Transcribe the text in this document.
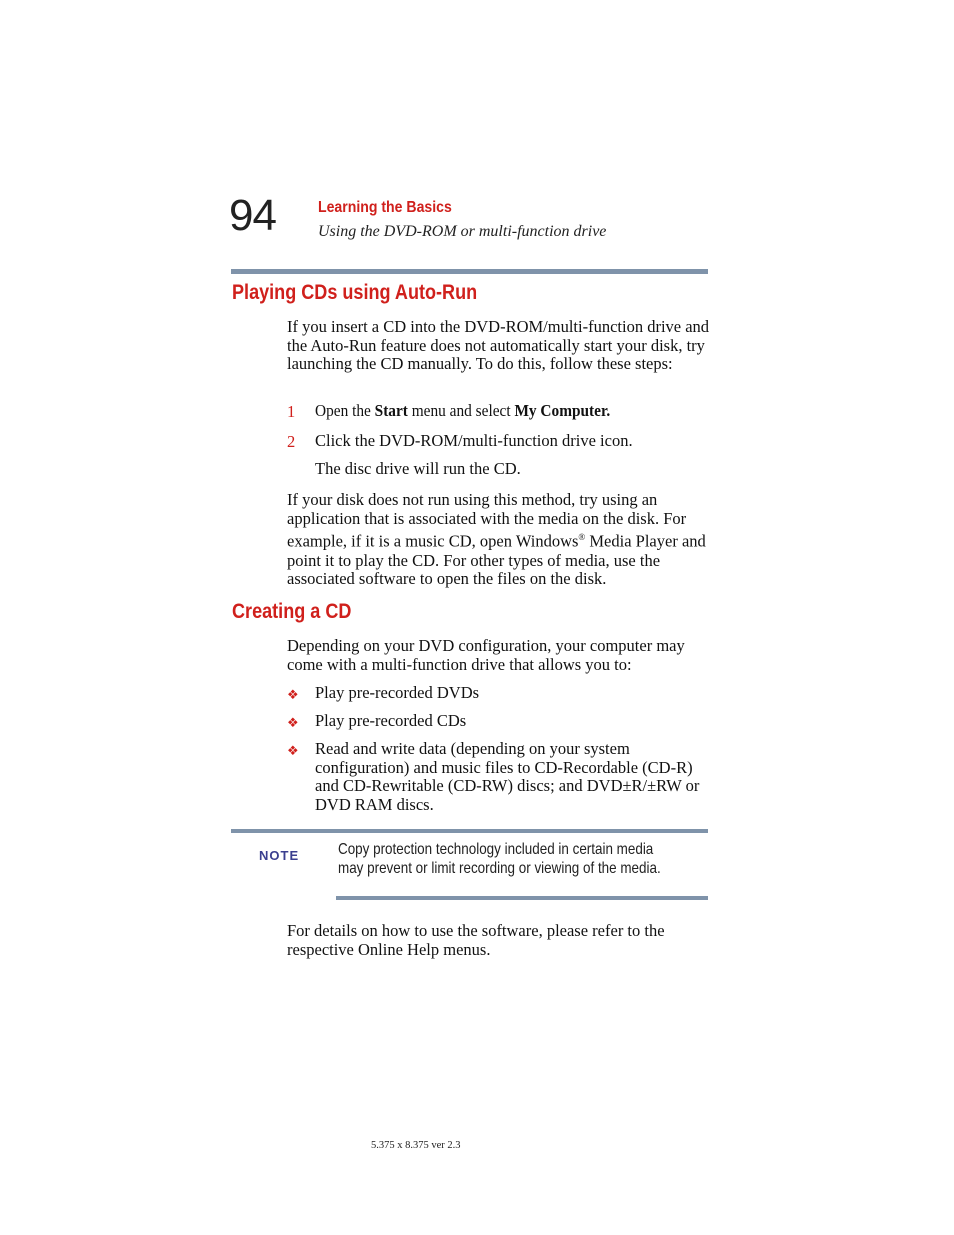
94	Learning the Basics
Using the DVD-ROM or multi-function drive
Playing CDs using Auto-Run
If you insert a CD into the DVD-ROM/multi-function drive and the Auto-Run feature does not automatically start your disk, try launching the CD manually. To do this, follow these steps:
1 Open the Start menu and select My Computer.
2 Click the DVD-ROM/multi-function drive icon.
The disc drive will run the CD.
If your disk does not run using this method, try using an application that is associated with the media on the disk. For example, if it is a music CD, open Windows® Media Player and point it to play the CD. For other types of media, use the associated software to open the files on the disk.
Creating a CD
Depending on your DVD configuration, your computer may come with a multi-function drive that allows you to:
❖ Play pre-recorded DVDs
❖ Play pre-recorded CDs
❖ Read and write data (depending on your system configuration) and music files to CD-Recordable (CD-R) and CD-Rewritable (CD-RW) discs; and DVD±R/±RW or DVD RAM discs.
NOTE Copy protection technology included in certain media may prevent or limit recording or viewing of the media.
For details on how to use the software, please refer to the respective Online Help menus.
5.375 x 8.375 ver 2.3
